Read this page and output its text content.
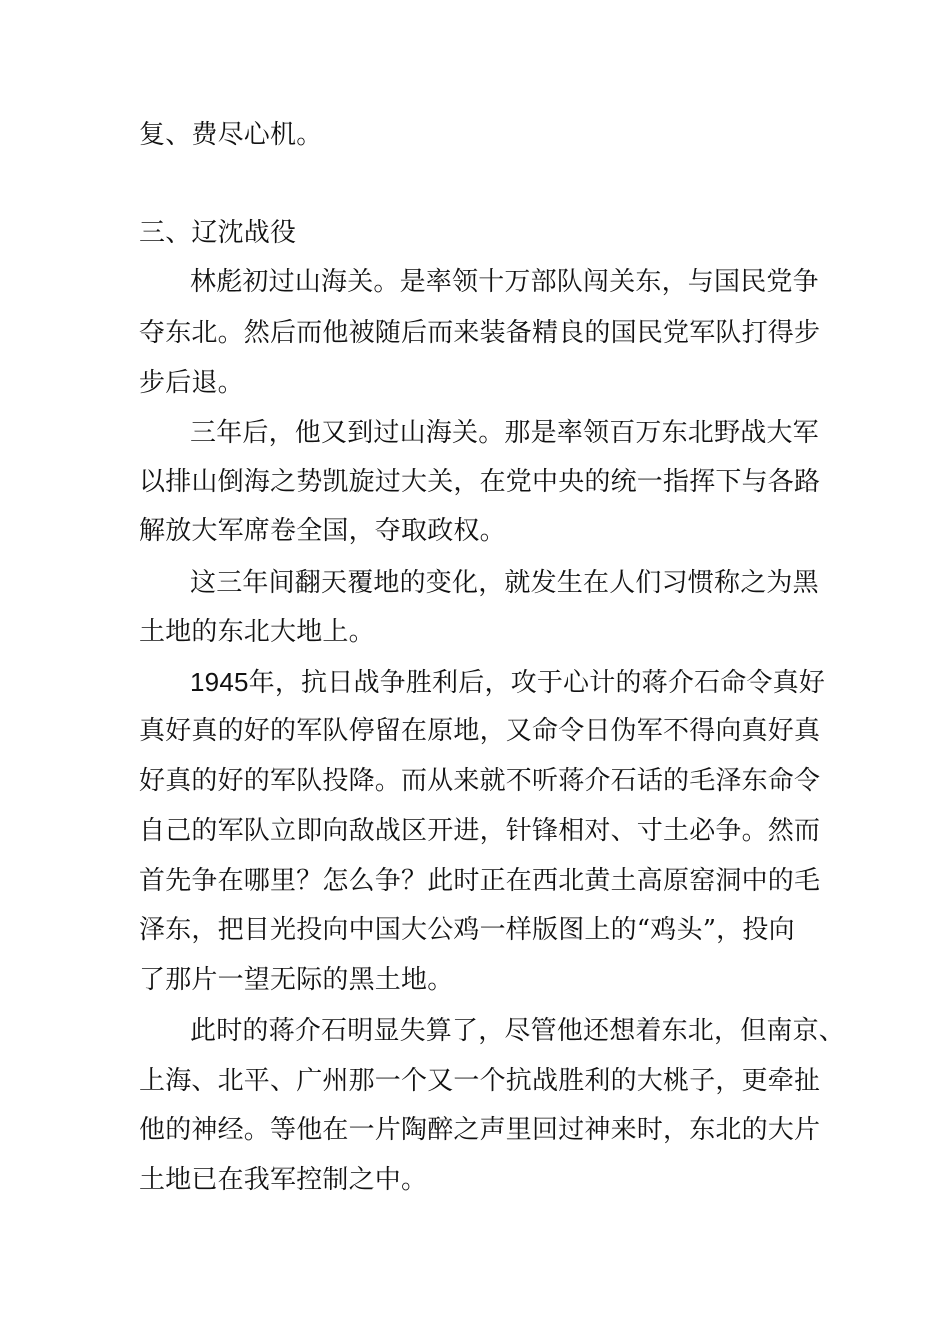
复、费尽心机。
三、辽沈战役
林彪初过山海关。是率领十万部队闯关东，与国民党争
夺东北。然后而他被随后而来装备精良的国民党军队打得步
步后退。
三年后，他又到过山海关。那是率领百万东北野战大军
以排山倒海之势凯旋过大关，在党中央的统一指挥下与各路
解放大军席卷全国，夺取政权。
这三年间翻天覆地的变化，就发生在人们习惯称之为黑
土地的东北大地上。
1945年，抗日战争胜利后，攻于心计的蒋介石命令真好
真好真的好的军队停留在原地，又命令日伪军不得向真好真
好真的好的军队投降。而从来就不听蒋介石话的毛泽东命令
自己的军队立即向敌战区开进，针锋相对、寸土必争。然而
首先争在哪里？怎么争？此时正在西北黄土高原窑洞中的毛
泽东，把目光投向中国大公鸡一样版图上的“鸡头”，投向
了那片一望无际的黑土地。
此时的蒋介石明显失算了，尽管他还想着东北，但南京、
上海、北平、广州那一个又一个抗战胜利的大桃子，更牵扯
他的神经。等他在一片陶醉之声里回过神来时，东北的大片
土地已在我军控制之中。
